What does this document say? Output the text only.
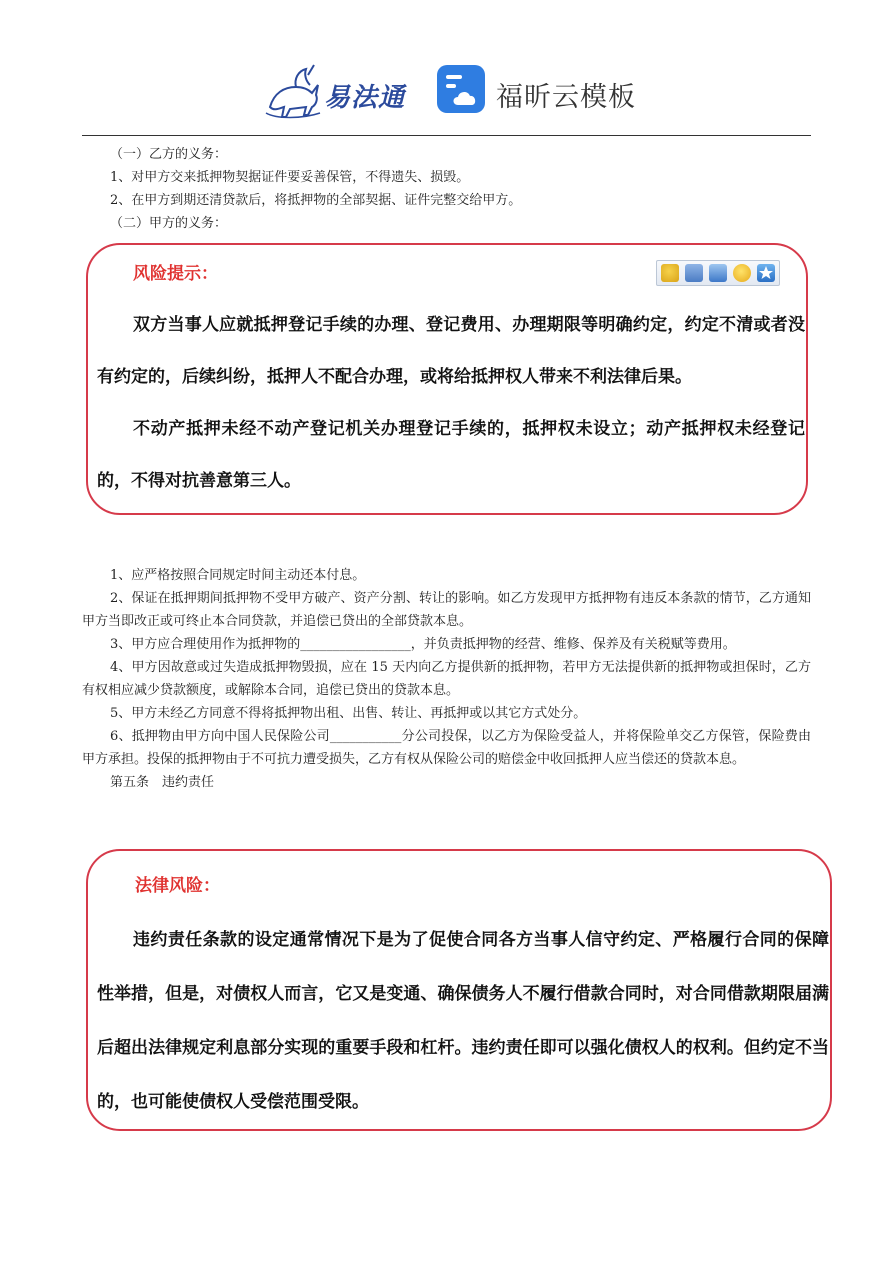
易法通	福昕云模板

（一）乙方的义务：

1、对甲方交来抵押物契据证件要妥善保管，不得遗失、损毁。

2、在甲方到期还清贷款后，将抵押物的全部契据、证件完整交给甲方。

（二）甲方的义务：

风险提示：

双方当事人应就抵押登记手续的办理、登记费用、办理期限等明确约定，约定不清或者没有约定的，后续纠纷，抵押人不配合办理，或将给抵押权人带来不利法律后果。

不动产抵押未经不动产登记机关办理登记手续的，抵押权未设立；动产抵押权未经登记的，不得对抗善意第三人。

1、应严格按照合同规定时间主动还本付息。

2、保证在抵押期间抵押物不受甲方破产、资产分割、转让的影响。如乙方发现甲方抵押物有违反本条款的情节，乙方通知甲方当即改正或可终止本合同贷款，并追偿已贷出的全部贷款本息。

3、甲方应合理使用作为抵押物的_________________，并负责抵押物的经营、维修、保养及有关税赋等费用。

4、甲方因故意或过失造成抵押物毁损，应在 15 天内向乙方提供新的抵押物，若甲方无法提供新的抵押物或担保时，乙方有权相应减少贷款额度，或解除本合同，追偿已贷出的贷款本息。

5、甲方未经乙方同意不得将抵押物出租、出售、转让、再抵押或以其它方式处分。

6、抵押物由甲方向中国人民保险公司___________分公司投保，以乙方为保险受益人，并将保险单交乙方保管，保险费由甲方承担。投保的抵押物由于不可抗力遭受损失，乙方有权从保险公司的赔偿金中收回抵押人应当偿还的贷款本息。

第五条　违约责任

法律风险：

违约责任条款的设定通常情况下是为了促使合同各方当事人信守约定、严格履行合同的保障性举措，但是，对债权人而言，它又是变通、确保债务人不履行借款合同时，对合同借款期限届满后超出法律规定利息部分实现的重要手段和杠杆。违约责任即可以强化债权人的权利。但约定不当的，也可能使债权人受偿范围受限。
